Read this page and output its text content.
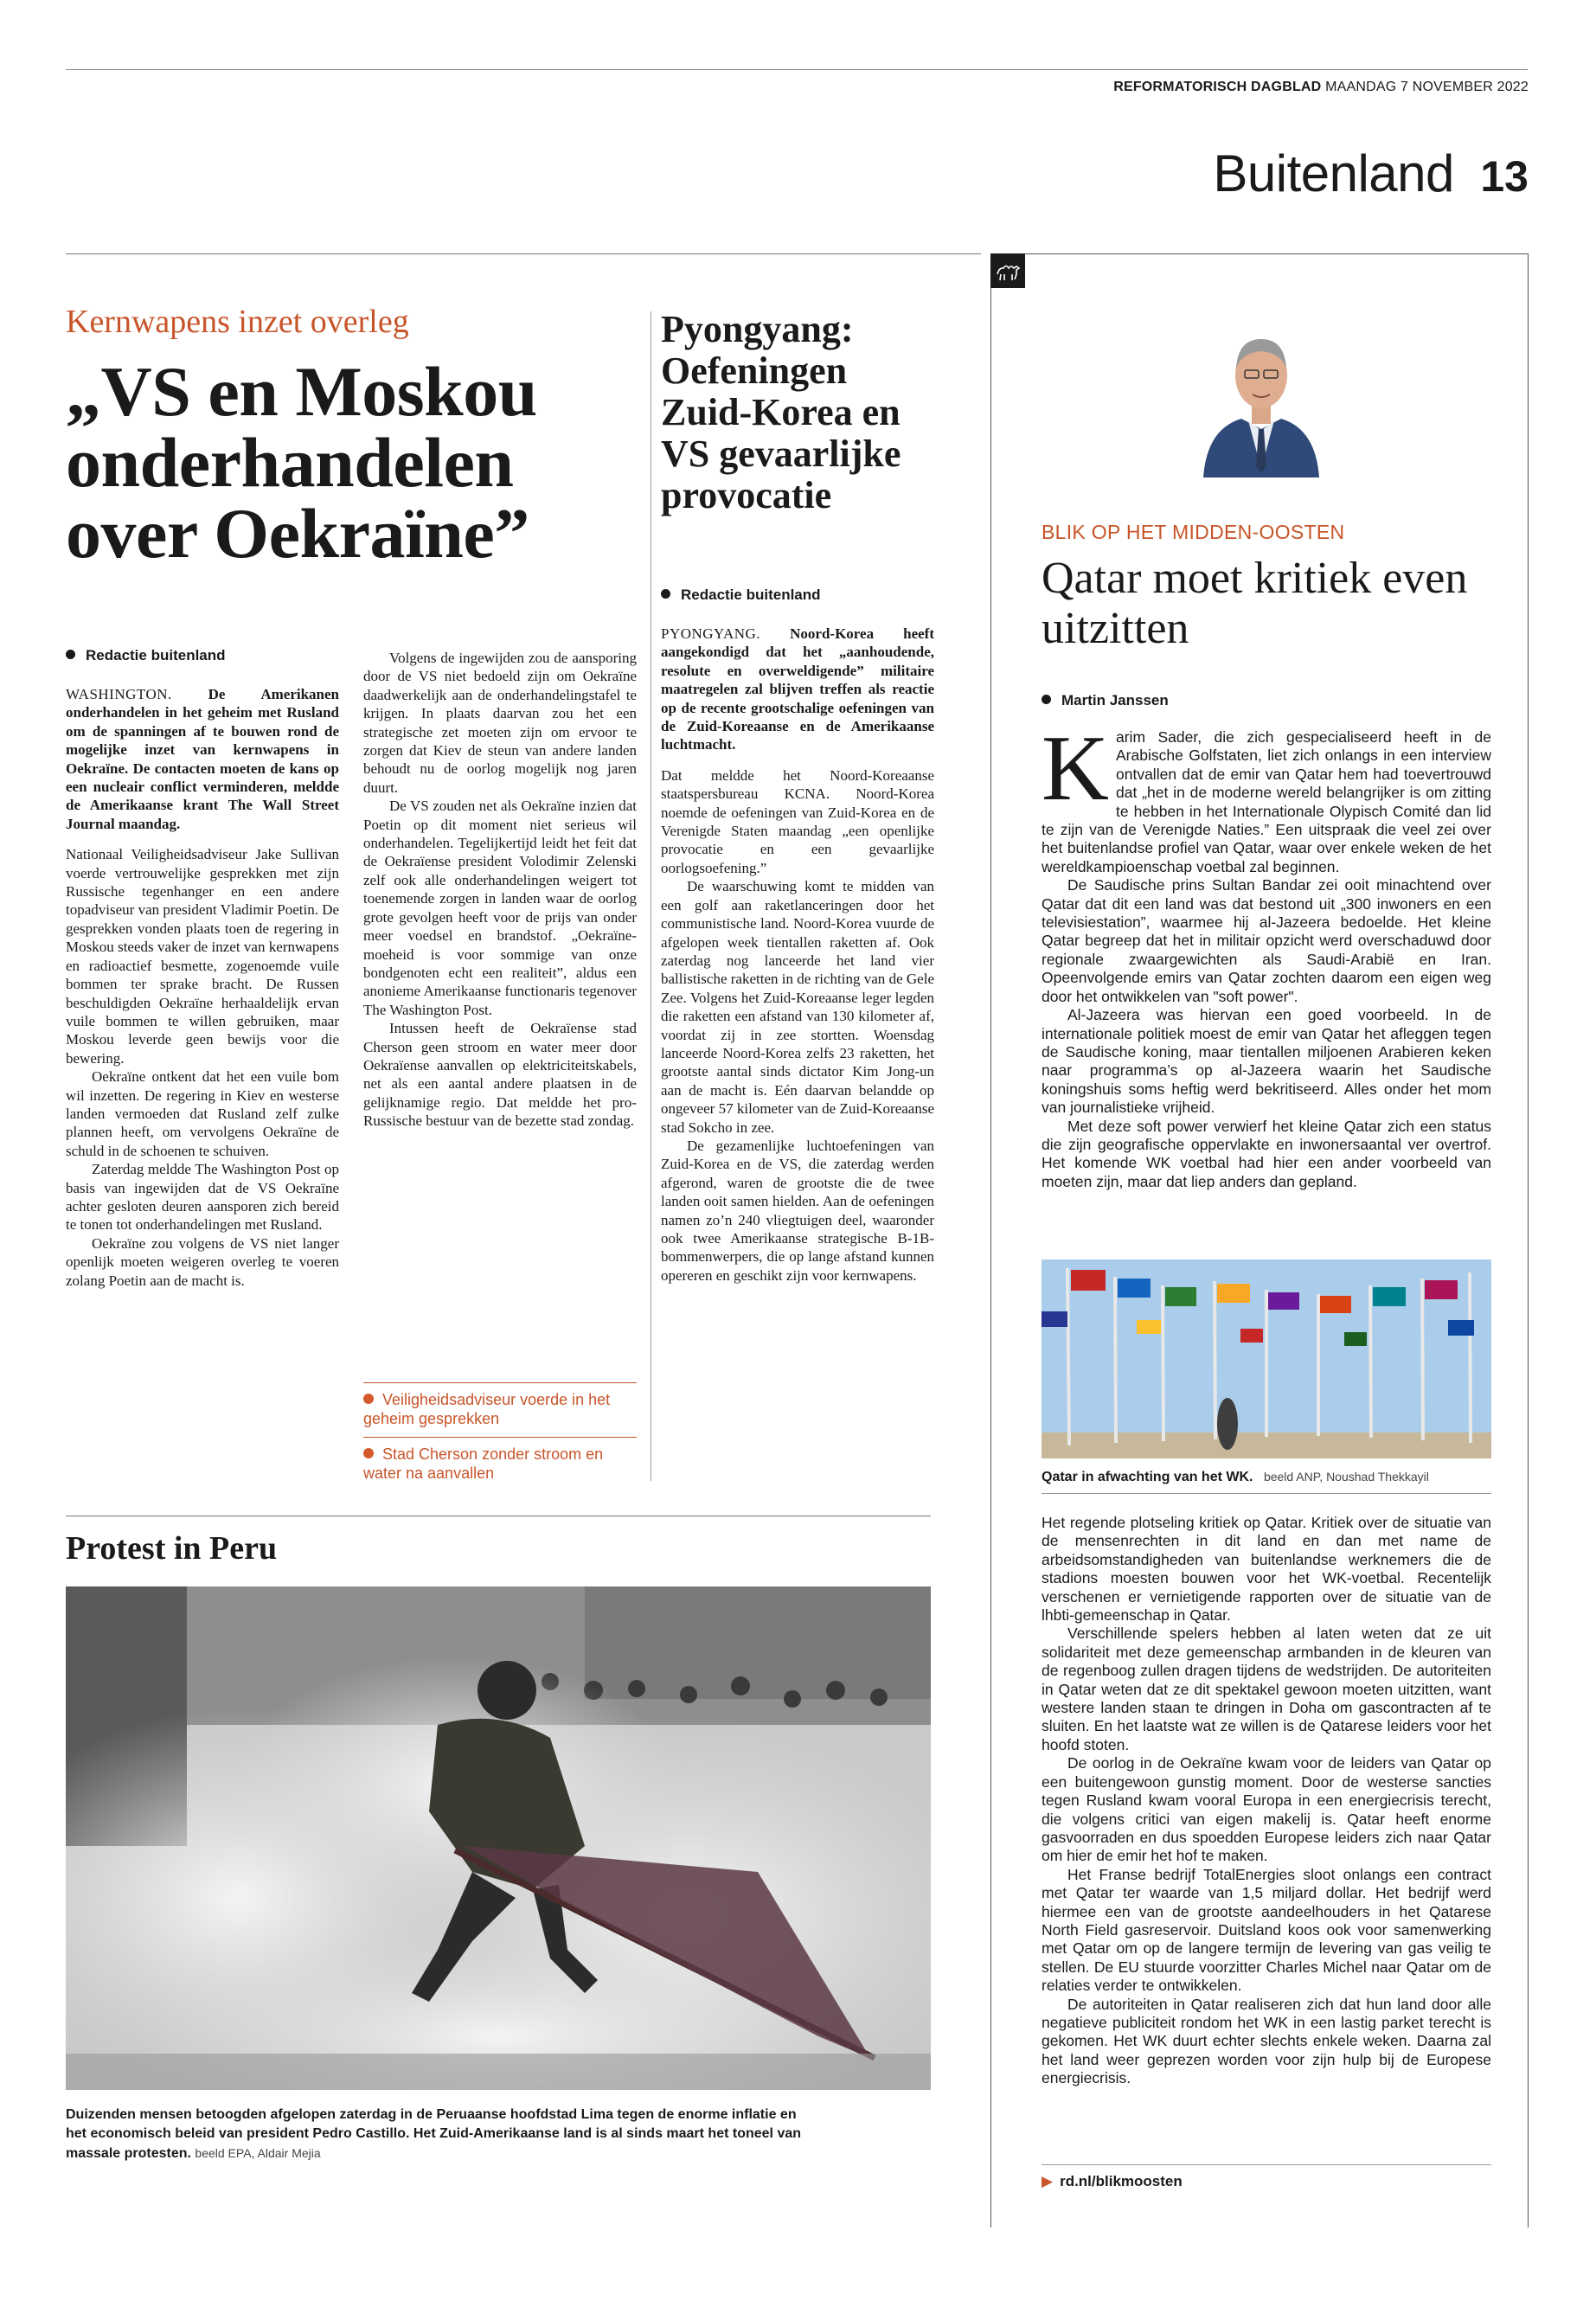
REFORMATORISCH DAGBLAD MAANDAG 7 NOVEMBER 2022
Buitenland 13
Kernwapens inzet overleg
„VS en Moskou onderhandelen over Oekraïne”
Redactie buitenland

WASHINGTON. De Amerikanen onderhandelen in het geheim met Rusland om de spanningen af te bouwen rond de mogelijke inzet van kernwapens in Oekraïne. De contacten moeten de kans op een nucleair conflict verminderen, meldde de Amerikaanse krant The Wall Street Journal maandag.

Nationaal Veiligheidsadviseur Jake Sullivan voerde vertrouwelijke gesprekken met zijn Russische tegenhanger en een andere topadviseur van president Vladimir Poetin. De gesprekken vonden plaats toen de regering in Moskou steeds vaker de inzet van kernwapens en radioactief besmette, zogenoemde vuile bommen ter sprake bracht. De Russen beschuldigden Oekraïne herhaaldelijk ervan vuile bommen te willen gebruiken, maar Moskou leverde geen bewijs voor die bewering.

Oekraïne ontkent dat het een vuile bom wil inzetten. De regering in Kiev en westerse landen vermoeden dat Rusland zelf zulke plannen heeft, om vervolgens Oekraïne de schuld in de schoenen te schuiven.

Zaterdag meldde The Washington Post op basis van ingewijden dat de VS Oekraïne achter gesloten deuren aansporen zich bereid te tonen tot onderhandelingen met Rusland.

Oekraïne zou volgens de VS niet langer openlijk moeten weigeren overleg te voeren zolang Poetin aan de macht is.

Volgens de ingewijden zou de aansporing door de VS niet bedoeld zijn om Oekraïne daadwerkelijk aan de onderhandelingstafel te krijgen. In plaats daarvan zou het een strategische zet moeten zijn om ervoor te zorgen dat Kiev de steun van andere landen behoudt nu de oorlog mogelijk nog jaren duurt.

De VS zouden net als Oekraïne inzien dat Poetin op dit moment niet serieus wil onderhandelen. Tegelijkertijd leidt het feit dat de Oekraïense president Volodimir Zelenski zelf ook alle onderhandelingen weigert tot toenemende zorgen in landen waar de oorlog grote gevolgen heeft voor de prijs van onder meer voedsel en brandstof. „Oekraïne-moeheid is voor sommige van onze bondgenoten echt een realiteit”, aldus een anonieme Amerikaanse functionaris tegenover The Washington Post.

Intussen heeft de Oekraïense stad Cherson geen stroom en water meer door Oekraïense aanvallen op elektriciteitskabels, net als een aantal andere plaatsen in de gelijknamige regio. Dat meldde het pro-Russische bestuur van de bezette stad zondag.

Veiligheidsadviseur voerde in het geheim gesprekken
Stad Cherson zonder stroom en water na aanvallen
Pyongyang: Oefeningen Zuid-Korea en VS gevaarlijke provocatie
Redactie buitenland

PYONGYANG. Noord-Korea heeft aangekondigd dat het „aanhoudende, resolute en overweldigende” militaire maatregelen zal blijven treffen als reactie op de recente grootschalige oefeningen van de Zuid-Koreaanse en de Amerikaanse luchtmacht.

Dat meldde het Noord-Koreaanse staatspersbureau KCNA. Noord-Korea noemde de oefeningen van Zuid-Korea en de Verenigde Staten maandag „een openlijke provocatie en een gevaarlijke oorlogsoefening.”

De waarschuwing komt te midden van een golf aan raketlanceringen door het communistische land. Noord-Korea vuurde de afgelopen week tientallen raketten af. Ook zaterdag nog lanceerde het land vier ballistische raketten in de richting van de Gele Zee. Volgens het Zuid-Koreaanse leger legden die raketten een afstand van 130 kilometer af, voordat zij in zee stortten. Woensdag lanceerde Noord-Korea zelfs 23 raketten, het grootste aantal sinds dictator Kim Jong-un aan de macht is. Eén daarvan belandde op ongeveer 57 kilometer van de Zuid-Koreaanse stad Sokcho in zee.

De gezamenlijke luchtoefeningen van Zuid-Korea en de VS, die zaterdag werden afgerond, waren de grootste die de twee landen ooit samen hielden. Aan de oefeningen namen zo’n 240 vliegtuigen deel, waaronder ook twee Amerikaanse strategische B-1B-bommenwerpers, die op lange afstand kunnen opereren en geschikt zijn voor kernwapens.

Protest in Peru
Duizenden mensen betoogden afgelopen zaterdag in de Peruaanse hoofdstad Lima tegen de enorme inflatie en het economisch beleid van president Pedro Castillo. Het Zuid-Amerikaanse land is al sinds maart het toneel van massale protesten. beeld EPA, Aldair Mejia
BLIK OP HET MIDDEN-OOSTEN
Qatar moet kritiek even uitzitten
Martin Janssen

Karim Sader, die zich gespecialiseerd heeft in de Arabische Golfstaten, liet zich onlangs in een interview ontvallen dat de emir van Qatar hem had toevertrouwd dat „het in de moderne wereld belangrijker is om zitting te hebben in het Internationale Olypisch Comité dan lid te zijn van de Verenigde Naties.” Een uitspraak die veel zei over het buitenlandse profiel van Qatar, waar over enkele weken de het wereldkampioenschap voetbal zal beginnen.

De Saudische prins Sultan Bandar zei ooit minachtend over Qatar dat dit een land was dat bestond uit „300 inwoners en een televisiestation”, waarmee hij al-Jazeera bedoelde. Het kleine Qatar begreep dat het in militair opzicht werd overschaduwd door regionale zwaargewichten als Saudi-Arabië en Iran. Opeenvolgende emirs van Qatar zochten daarom een eigen weg door het ontwikkelen van "soft power".

Al-Jazeera was hiervan een goed voorbeeld. In de internationale politiek moest de emir van Qatar het afleggen tegen de Saudische koning, maar tientallen miljoenen Arabieren keken naar programma’s op al-Jazeera waarin het Saudische koningshuis soms heftig werd bekritiseerd. Alles onder het mom van journalistieke vrijheid.

Met deze soft power verwierf het kleine Qatar zich een status die zijn geografische oppervlakte en inwonersaantal ver overtrof. Het komende WK voetbal had hier een ander voorbeeld van moeten zijn, maar dat liep anders dan gepland.

Qatar in afwachting van het WK. beeld ANP, Noushad Thekkayil

Het regende plotseling kritiek op Qatar. Kritiek over de situatie van de mensenrechten in dit land en dan met name de arbeidsomstandigheden van buitenlandse werknemers die de stadions moesten bouwen voor het WK-voetbal. Recentelijk verschenen er vernietigende rapporten over de situatie van de lhbti-gemeenschap in Qatar.

Verschillende spelers hebben al laten weten dat ze uit solidariteit met deze gemeenschap armbanden in de kleuren van de regenboog zullen dragen tijdens de wedstrijden. De autoriteiten in Qatar weten dat ze dit spektakel gewoon moeten uitzitten, want westere landen staan te dringen in Doha om gascontracten af te sluiten. En het laatste wat ze willen is de Qatarese leiders voor het hoofd stoten.

De oorlog in de Oekraïne kwam voor de leiders van Qatar op een buitengewoon gunstig moment. Door de westerse sancties tegen Rusland kwam vooral Europa in een energiecrisis terecht, die volgens critici van eigen makelij is. Qatar heeft enorme gasvoorraden en dus spoedden Europese leiders zich naar Qatar om hier de emir het hof te maken.

Het Franse bedrijf TotalEnergies sloot onlangs een contract met Qatar ter waarde van 1,5 miljard dollar. Het bedrijf werd hiermee een van de grootste aandeelhouders in het Qatarese North Field gasreservoir. Duitsland koos ook voor samenwerking met Qatar om op de langere termijn de levering van gas veilig te stellen. De EU stuurde voorzitter Charles Michel naar Qatar om de relaties verder te ontwikkelen.

De autoriteiten in Qatar realiseren zich dat hun land door alle negatieve publiciteit rondom het WK in een lastig parket terecht is gekomen. Het WK duurt echter slechts enkele weken. Daarna zal het land weer geprezen worden voor zijn hulp bij de Europese energiecrisis.

▶ rd.nl/blikmoosten
